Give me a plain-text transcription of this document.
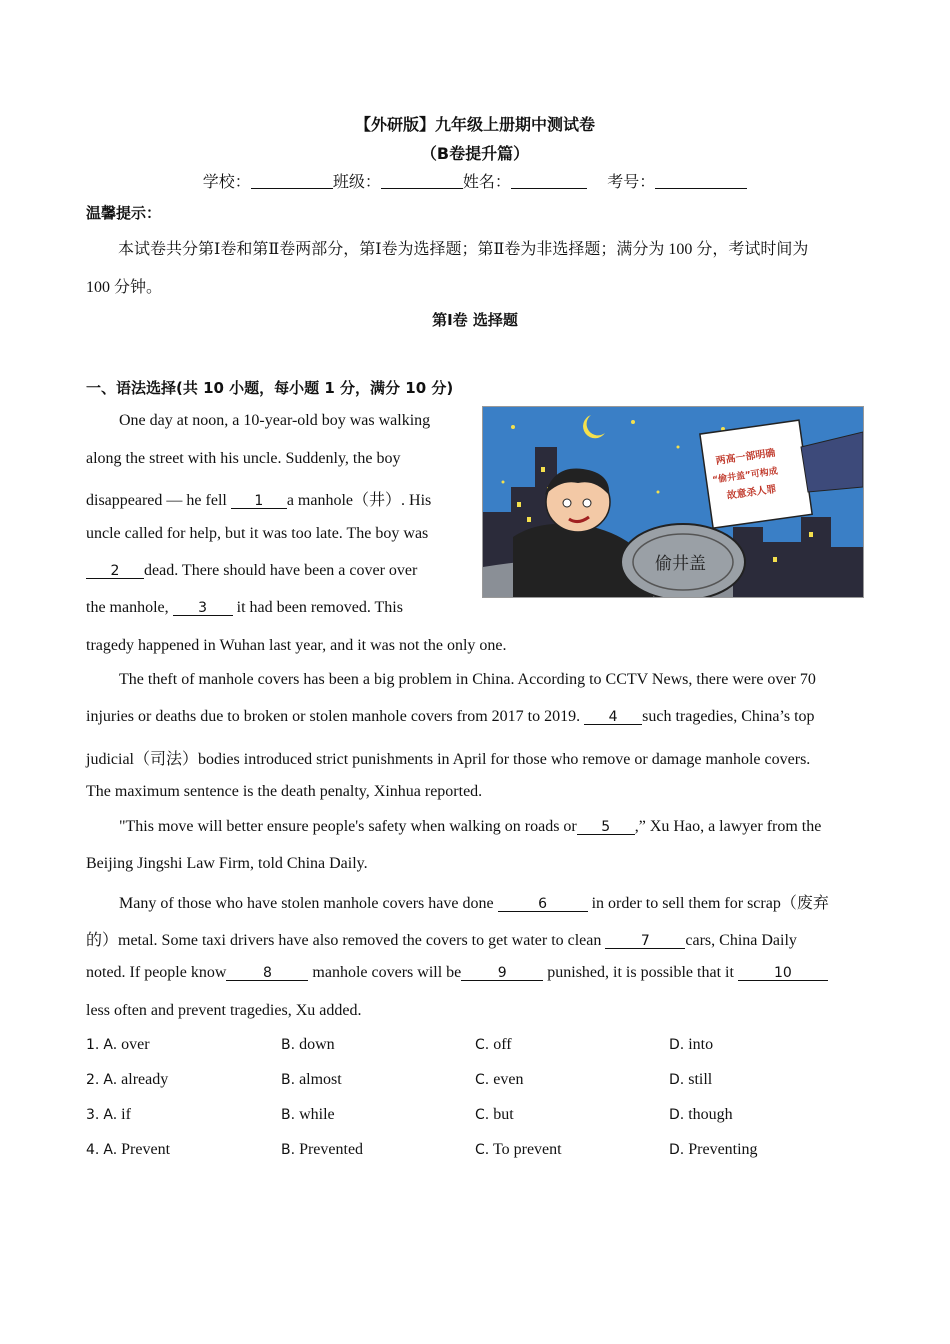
【外研版】九年级上册期中测试卷
（B卷提升篇）
学校：	班级：	姓名：	考号：
温馨提示：
本试卷共分第Ⅰ卷和第Ⅱ卷两部分，第Ⅰ卷为选择题；第Ⅱ卷为非选择题；满分为 100 分，考试时间为
100 分钟。
第Ⅰ卷 选择题
一、语法选择(共 10 小题，每小题 1 分，满分 10 分)
两高一部明确
“偷井盖”可构成
故意杀人罪
偷井盖
One day at noon, a 10-year-old boy was walking
along the street with his uncle. Suddenly, the boy
disappeared — he fell 1 a manhole（井）. His
uncle called for help, but it was too late. The boy was
2 dead. There should have been a cover over
the manhole, 3 it had been removed. This
tragedy happened in Wuhan last year, and it was not the only one.
The theft of manhole covers has been a big problem in China. According to CCTV News, there were over 70
injuries or deaths due to broken or stolen manhole covers from 2017 to 2019. 4 such tragedies, China’s top
judicial（司法）bodies introduced strict punishments in April for those who remove or damage manhole covers.
The maximum sentence is the death penalty, Xinhua reported.
"This move will better ensure people's safety when walking on roads or 5 ,” Xu Hao, a lawyer from the
Beijing Jingshi Law Firm, told China Daily.
Many of those who have stolen manhole covers have done	6	in order to sell them for scrap（废弃
的）metal. Some taxi drivers have also removed the covers to get water to clean	7 cars, China Daily
noted. If people know	8 manhole covers will be	9 punished, it is possible that it	10
less often and prevent tragedies, Xu added.
1. A. over	B. down	C. off	D. into
2. A. already	B. almost	C. even	D. still
3. A. if	B. while	C. but	D. though
4. A. Prevent	B. Prevented	C. To prevent	D. Preventing
